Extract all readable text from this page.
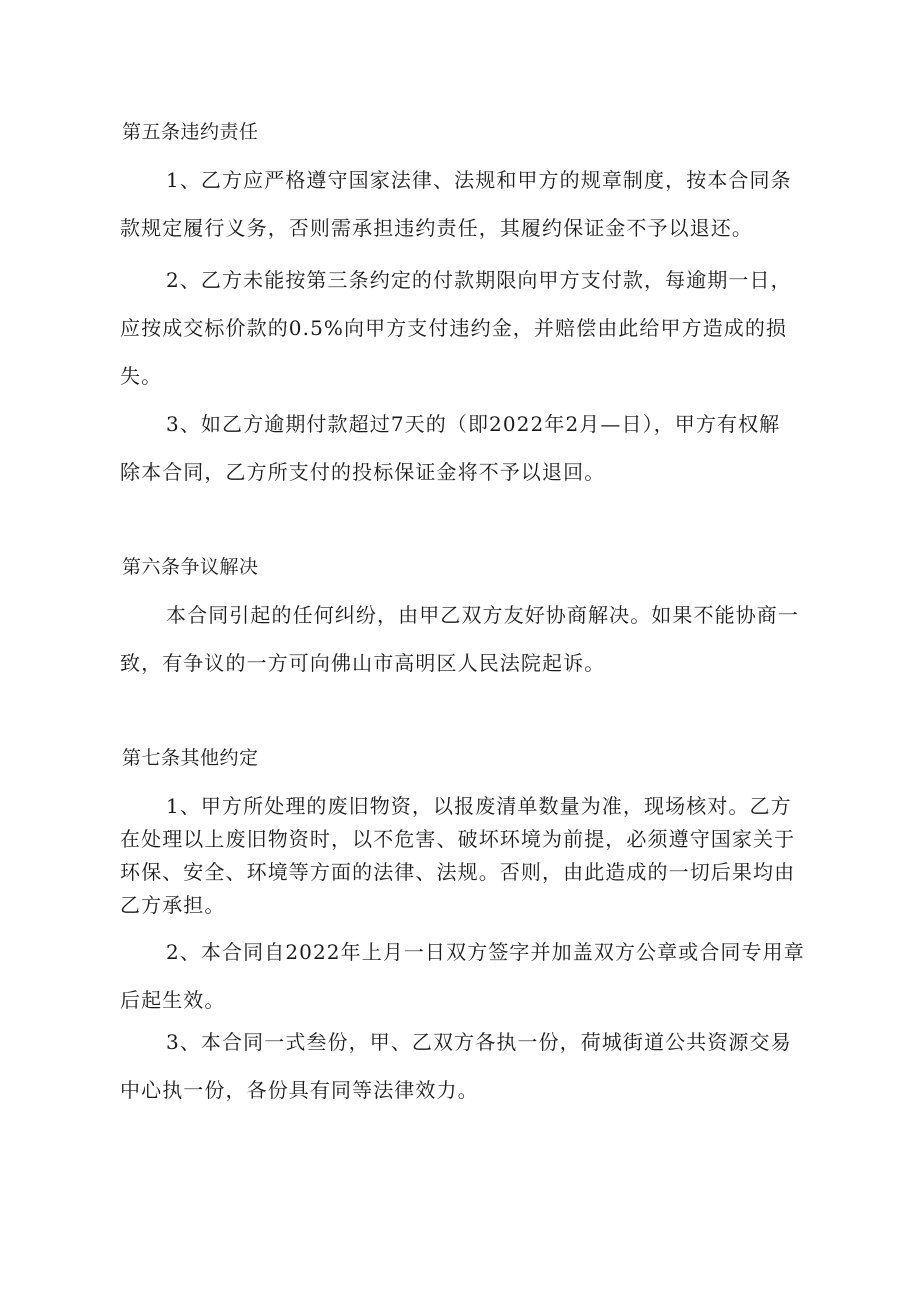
第五条违约责任
1、乙方应严格遵守国家法律、法规和甲方的规章制度，按本合同条
款规定履行义务，否则需承担违约责任，其履约保证金不予以退还。
2、乙方未能按第三条约定的付款期限向甲方支付款，每逾期一日，
应按成交标价款的0.5%向甲方支付违约金，并赔偿由此给甲方造成的损
失。
3、如乙方逾期付款超过7天的（即2022年2月—日），甲方有权解
除本合同，乙方所支付的投标保证金将不予以退回。
第六条争议解决
本合同引起的任何纠纷，由甲乙双方友好协商解决。如果不能协商一
致，有争议的一方可向佛山市高明区人民法院起诉。
第七条其他约定
1、甲方所处理的废旧物资，以报废清单数量为准，现场核对。乙方
在处理以上废旧物资时，以不危害、破坏环境为前提，必须遵守国家关于
环保、安全、环境等方面的法律、法规。否则，由此造成的一切后果均由
乙方承担。
2、本合同自2022年上月一日双方签字并加盖双方公章或合同专用章
后起生效。
3、本合同一式叁份，甲、乙双方各执一份，荷城街道公共资源交易
中心执一份，各份具有同等法律效力。
